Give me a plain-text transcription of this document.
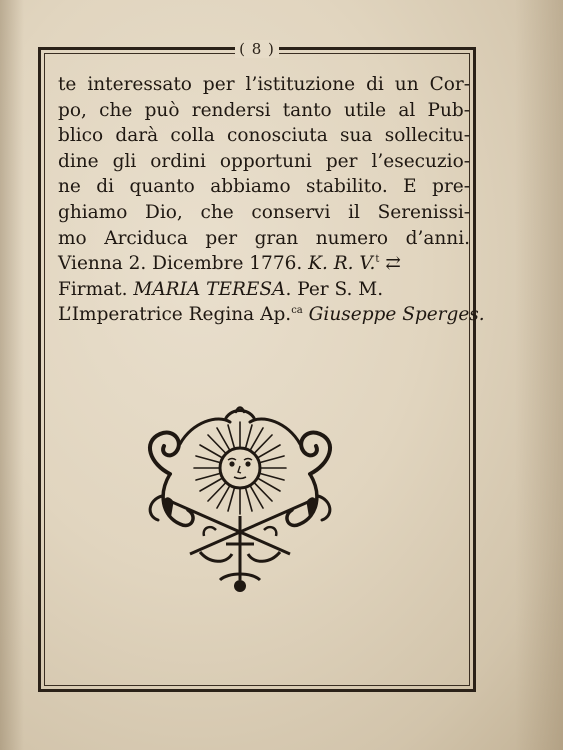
( 8 )
te interessato per l’istituzione di un Cor-
po, che può rendersi tanto utile al Pub-
blico darà colla conosciuta sua sollecitu-
dine gli ordini opportuni per l’esecuzio-
ne di quanto abbiamo stabilito. E pre-
ghiamo Dio, che conservi il Serenissi-
mo Arciduca per gran numero d’anni.
Vienna 2. Dicembre 1776. K. R. V.$^t$ ⇄
Firmat. MARIA TERESA. Per S. M.
L’Imperatrice Regina Ap.$^{ca}$ Giuseppe Sperges.
